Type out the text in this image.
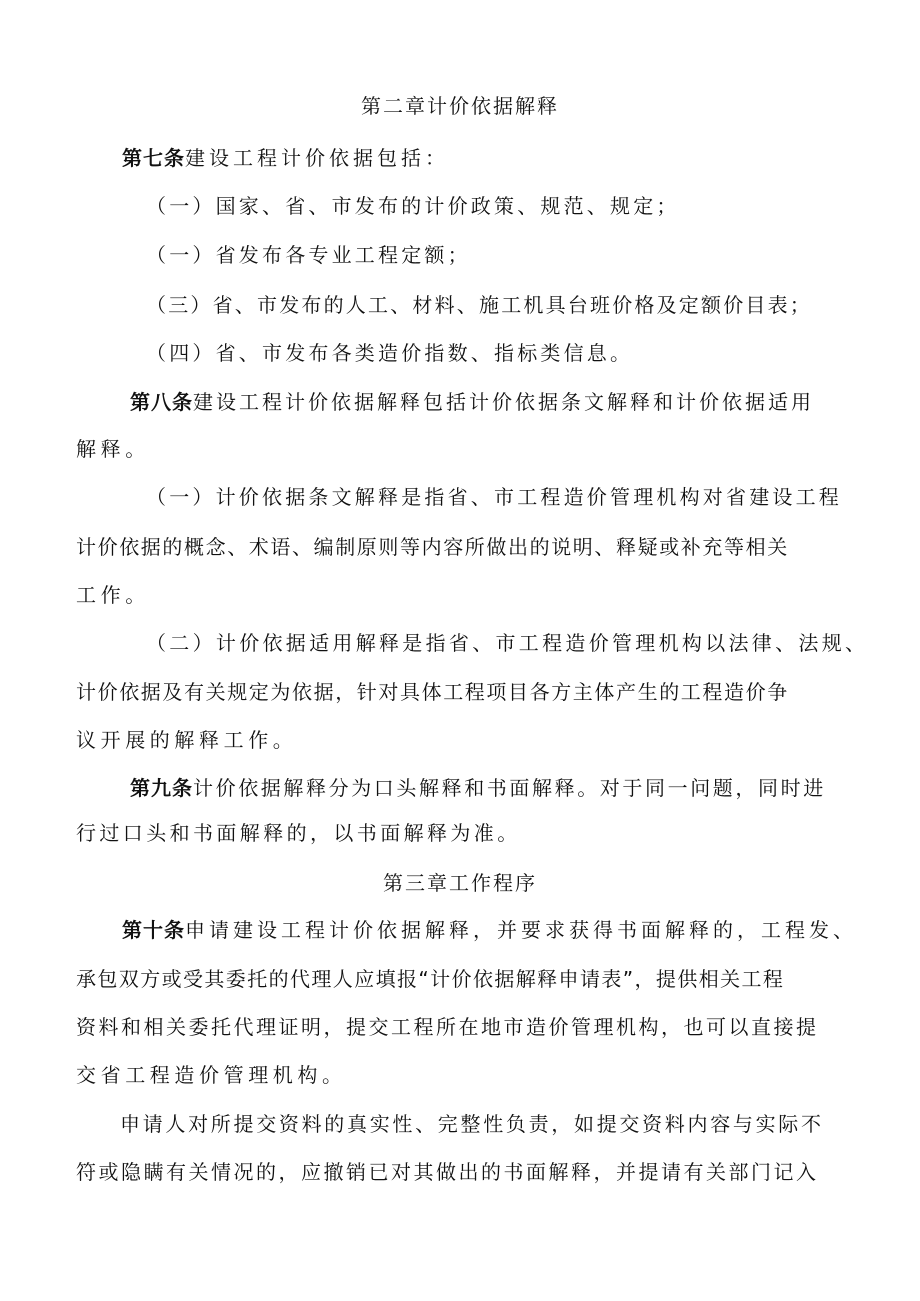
第二章计价依据解释
第七条建设工程计价依据包括：
（一）国家、省、市发布的计价政策、规范、规定；
（一）省发布各专业工程定额；
（三）省、市发布的人工、材料、施工机具台班价格及定额价目表；
（四）省、市发布各类造价指数、指标类信息。
第八条建设工程计价依据解释包括计价依据条文解释和计价依据适用
解释。
（一）计价依据条文解释是指省、市工程造价管理机构对省建设工程
计价依据的概念、术语、编制原则等内容所做出的说明、释疑或补充等相关
工作。
（二）计价依据适用解释是指省、市工程造价管理机构以法律、法规、
计价依据及有关规定为依据，针对具体工程项目各方主体产生的工程造价争
议开展的解释工作。
第九条计价依据解释分为口头解释和书面解释。对于同一问题，同时进
行过口头和书面解释的，以书面解释为准。
第三章工作程序
第十条申请建设工程计价依据解释，并要求获得书面解释的，工程发、
承包双方或受其委托的代理人应填报“计价依据解释申请表”，提供相关工程
资料和相关委托代理证明，提交工程所在地市造价管理机构，也可以直接提
交省工程造价管理机构。
申请人对所提交资料的真实性、完整性负责，如提交资料内容与实际不
符或隐瞒有关情况的，应撤销已对其做出的书面解释，并提请有关部门记入
